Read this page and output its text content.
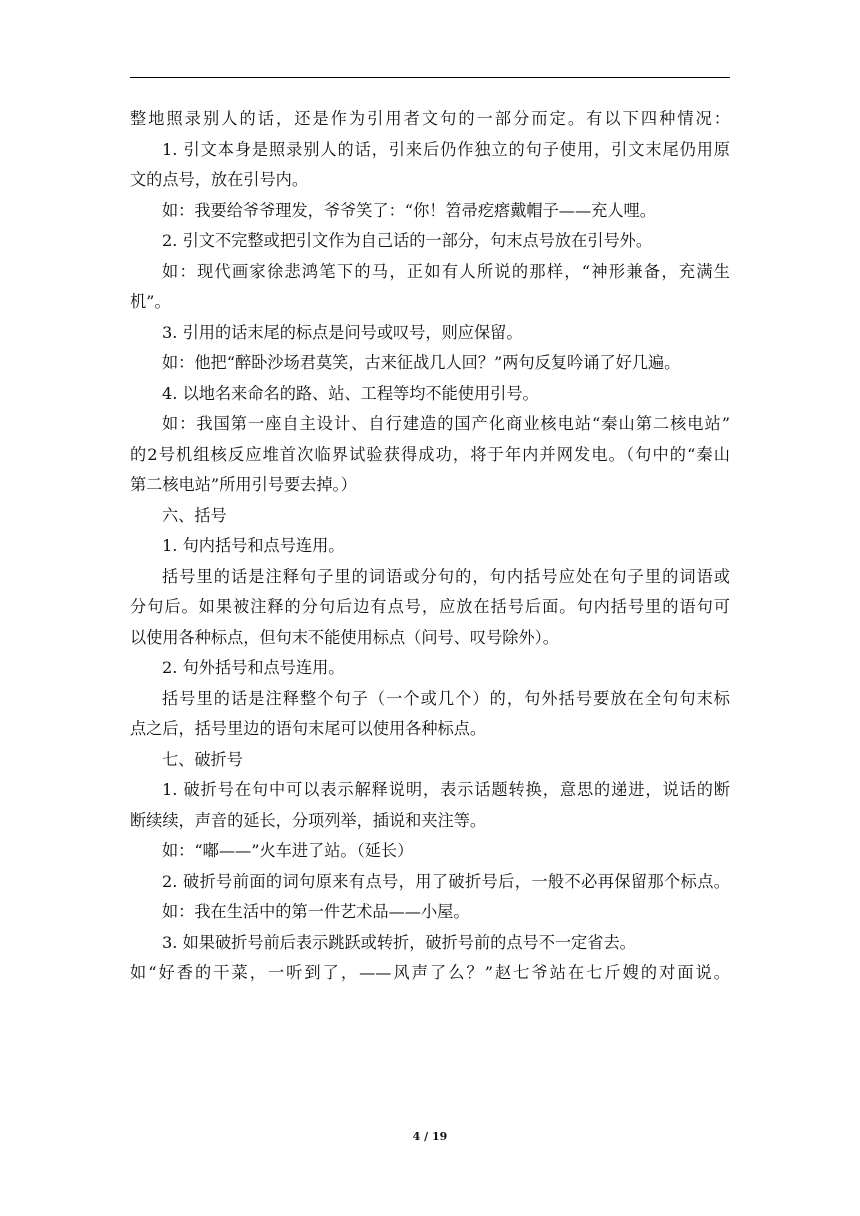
整地照录别人的话，还是作为引用者文句的一部分而定。有以下四种情况：
1. 引文本身是照录别人的话，引来后仍作独立的句子使用，引文末尾仍用原
文的点号，放在引号内。
如：我要给爷爷理发，爷爷笑了：“你！笤帚疙瘩戴帽子——充人哩。
2. 引文不完整或把引文作为自己话的一部分，句末点号放在引号外。
如：现代画家徐悲鸿笔下的马，正如有人所说的那样，“神形兼备，充满生
机”。
3. 引用的话末尾的标点是问号或叹号，则应保留。
如：他把“醉卧沙场君莫笑，古来征战几人回？”两句反复吟诵了好几遍。
4. 以地名来命名的路、站、工程等均不能使用引号。
如：我国第一座自主设计、自行建造的国产化商业核电站“秦山第二核电站”
的2号机组核反应堆首次临界试验获得成功，将于年内并网发电。（句中的“秦山
第二核电站”所用引号要去掉。）
六、括号
1. 句内括号和点号连用。
括号里的话是注释句子里的词语或分句的，句内括号应处在句子里的词语或
分句后。如果被注释的分句后边有点号，应放在括号后面。句内括号里的语句可
以使用各种标点，但句末不能使用标点（问号、叹号除外）。
2. 句外括号和点号连用。
括号里的话是注释整个句子（一个或几个）的，句外括号要放在全句句末标
点之后，括号里边的语句末尾可以使用各种标点。
七、破折号
1. 破折号在句中可以表示解释说明，表示话题转换，意思的递进，说话的断
断续续，声音的延长，分项列举，插说和夹注等。
如：“嘟——”火车进了站。（延长）
2. 破折号前面的词句原来有点号，用了破折号后，一般不必再保留那个标点。
如：我在生活中的第一件艺术品——小屋。
3. 如果破折号前后表示跳跃或转折，破折号前的点号不一定省去。
如“好香的干菜，一听到了，——风声了么？”赵七爷站在七斤嫂的对面说。
4 / 19
